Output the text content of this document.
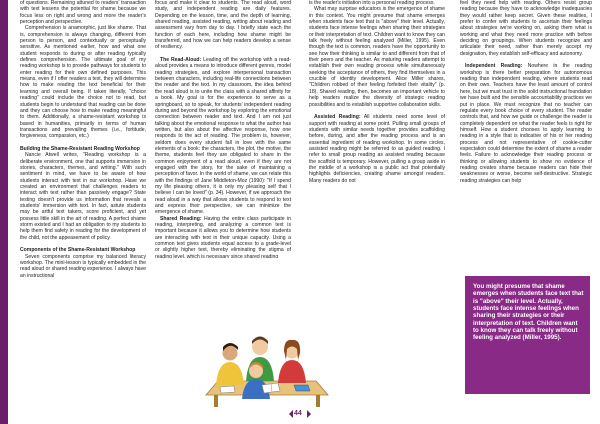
of questions. Remaining attuned to readers' transaction with text lessens the potential for shame because we focus less on right and wrong and more the reader's perception and perspective.

Comprehension is anamorphic, just like shame. That is, comprehension is always changing, different from person to person, and contextually or perceptually sensitive. As mentioned earlier, how and what one student responds to during or after reading typically defines comprehension. The ultimate goal of my reading workshop is to provide pathways for students to enter reading for their own defined purposes. This means, even if I offer readers a text, they will determine how to make reading the text beneficial for their learning and overall being. If taken literally, "choice reading" could include the choice not to read, but students begin to understand that reading can be done and they can choose how to make reading meaningful to them. Additionally, a shame-resistant workshop is based in humanities, primarily in terms of human transactions and prevailing themes (i.e., fortitude, forgiveness, compassion, etc.)

Building the Shame-Resistant Reading Workshop

Nancie Atwell writes, "Reading workshop is a deliberate environment, one that supports immersion in stories, characters, themes, and writing." With such sentiment in mind, we have to be aware of how students interact with text in our workshop. Have we created an environment that challenges readers to interact with text rather than passively engage? State testing doesn't provide us information that reveals a students' immersion with text. In fact, astute students may be artful text takers, score proficient, and yet possess little skill in the art of reading. A perfect shame storm existed and I had an obligation to my students to help them find safety in reading for the development of the child, not the appeasement of policy.

Components of the Shame-Resistant Workshop

Seven components comprise my balanced literacy workshop. The mini-lesson is typically embedded in the read aloud or shared reading experience. I always have an instructional

focus and make it clear to students. The read aloud, word study, and independent reading are daily features. Depending on the lesson, time, and the depth of learning, shared reading, assisted reading, writing about reading and assessment vary from day to day. I briefly state each the function of each here, including how shame might be transferred, and how we can help readers develop a sense of resiliency.

The Read-Aloud: Leading off the workshop with a read-aloud provides a means to introduce different genres, model reading strategies, and explore interpersonal transaction between characters, including real-life connections between the reader and the text. In my classroom, the idea behind the read aloud is to unite the class with a shared affinity for a book. My goal is for the experience to serve as a springboard, so to speak, for students' independent reading during and beyond the workshop by exploring the emotional connection between reader and text. And I am not just talking about the emotional response to what the author has written, but also about the affective response, how one responds to the act of reading. The problem is, however, seldom does every student fall in love with the same elements of a book: the characters, the plot, the motive, the theme, students feel they are obligated to share in the common enjoyment of a read aloud, even if they are not engaged with the story, for the sake of maintaining a perception of favor. In the world of shame, we can relate this with the findings of Jane Middleton-Moz (1990): "If I spend my life pleasing others, it is only my pleasing self that I believe I can be loved" (p. 34). However, if we approach the read aloud in a way that allows students to respond to text and express their perspective, we can minimize the emergence of shame.

Shared Reading: Having the entire class participate in reading, interpreting, and analyzing a common text is important because it allows you to determine how students are interacting with text in their unique capacity. Using a common text gives students equal access to a grade-level or slightly higher text, thereby eliminating the stigma of reading level, which is necessary since shared reading

is the reader's initiation into a personal reading process.

What may surprise educators is the emergence of shame in this context. You might presume that shame emerges when students face text that is "above" their level. Actually, students face intense feelings when sharing their strategies or their interpretation of text. Children want to know they can talk freely without feeling analyzed (Miller, 1995). Even though the text is common, readers have the opportunity to see how their thinking is similar to and different from that of their peers and the teacher. As maturing readers attempt to establish their own reading process while simultaneously seeking the acceptance of others, they find themselves in a crucible of identity development. Alice Miller shares, "Children robbed of their feeling forfeited their vitality" (p. 18). Shared reading, then, becomes an important vehicle to help readers realize the diversity of strategic reading possibilities and to establish supportive collaboration skills.

Assisted Reading: All students need some level of support with reading at some point. Pulling small groups of students with similar needs together provides scaffolding before, during, and after the reading process and is an essential ingredient of reading workshop. In some circles, assisted reading might be referred to as guided reading. I refer to small group reading as assisted reading because the scaffold is temporary. However, pulling a group aside in the middle of a workshop is a public act that potentially highlights deficiencies, creating shame amongst readers. Many readers do not

feel they need help with reading. Others resist group reading because they have to acknowledge inadequacies they would rather keep secret. Given these realities, I prefer to confer with students to ascertain their feelings about strategies we're working on, asking them what is working and what they need more practice with before deciding on groupings. When students recognize and articulate their need, rather than merely accept my designation, they establish self-efficacy and autonomy.

Independent Reading: Nowhere in the reading workshop is there better preparation for autonomous reading than independent reading, where students read on their own. Teachers have the least amount of control here, but we must trust in the solid instructional foundation we have built and the sensible accountability practices we put in place. We must recognize that no teacher can regulate every book choice of every student. The reader controls that, and how we guide or challenge the reader is completely dependent on what the reader feels is right for himself. How a student chooses to apply learning to reading in a style that is indicative of his or her reading process and not representative of cookie-cutter expectation could determine the extent of shame a reader feels. Failure to acknowledge their reading process or thinking or allowing students to show no evidence of reading creates shame because readers can hide their weaknesses or worse, become self-destructive. Strategic reading strategies can help

You might presume that shame emerges when students face text that is "above" their level. Actually, students face intense feelings when sharing their strategies or their interpretation of text. Children want to know they can talk freely without feeling analyzed (Miller, 1995).
44
